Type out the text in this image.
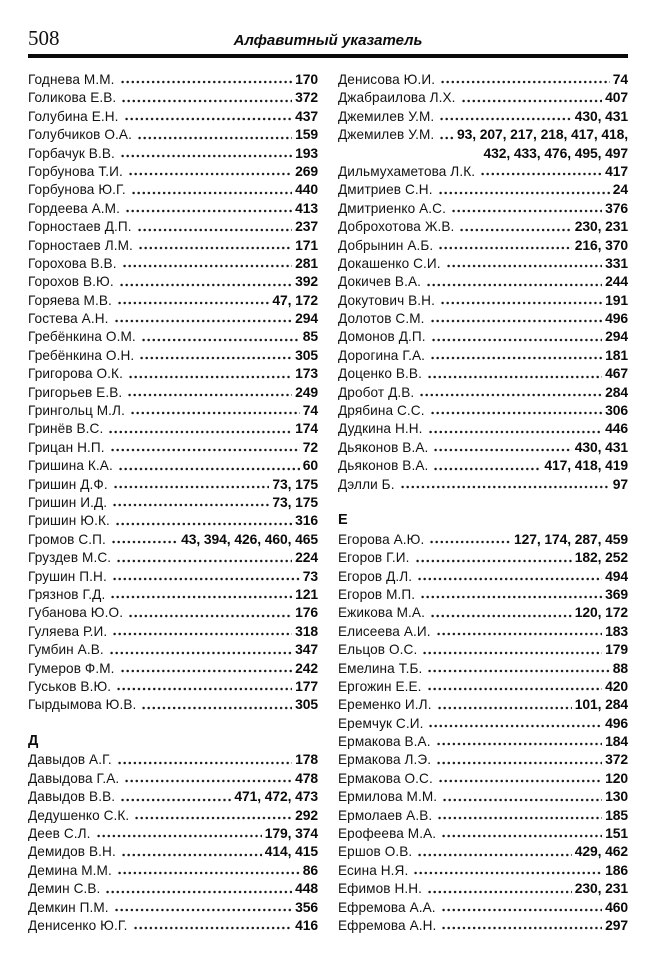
508	Алфавитный указатель
Годнева М.М.	170
Голикова Е.В.	372
Голубина Е.Н.	437
Голубчиков О.А.	159
Горбачук В.В.	193
Горбунова Т.И.	269
Горбунова Ю.Г.	440
Гордеева А.М.	413
Горностаев Д.П.	237
Горностаев Л.М.	171
Горохова В.В.	281
Горохов В.Ю.	392
Горяева М.В.	47, 172
Гостева А.Н.	294
Гребёнкина О.М.	85
Гребёнкина О.Н.	305
Григорова О.К.	173
Григорьев Е.В.	249
Грингольц М.Л.	74
Гринёв В.С.	174
Грицан Н.П.	72
Гришина К.А.	60
Гришин Д.Ф.	73, 175
Гришин И.Д.	73, 175
Гришин Ю.К.	316
Громов С.П.	43, 394, 426, 460, 465
Груздев М.С.	224
Грушин П.Н.	73
Грязнов Г.Д.	121
Губанова Ю.О.	176
Гуляева Р.И.	318
Гумбин А.В.	347
Гумеров Ф.М.	242
Гуськов В.Ю.	177
Гырдымова Ю.В.	305
Д
Давыдов А.Г.	178
Давыдова Г.А.	478
Давыдов В.В.	471, 472, 473
Дедушенко С.К.	292
Деев С.Л.	179, 374
Демидов В.Н.	414, 415
Демина М.М.	86
Демин С.В.	448
Демкин П.М.	356
Денисенко Ю.Г.	416
Денисова Ю.И.	74
Джабраилова Л.Х.	407
Джемилев У.М.	430, 431
Джемилев У.М. 93, 207, 217, 218, 417, 418,
432, 433, 476, 495, 497
Дильмухаметова Л.К.	417
Дмитриев С.Н.	24
Дмитриенко А.С.	376
Доброхотова Ж.В.	230, 231
Добрынин А.Б.	216, 370
Докашенко С.И.	331
Докичев В.А.	244
Докутович В.Н.	191
Долотов С.М.	496
Домонов Д.П.	294
Дорогина Г.А.	181
Доценко В.В.	467
Дробот Д.В.	284
Дрябина С.С.	306
Дудкина Н.Н.	446
Дьяконов В.А.	430, 431
Дьяконов В.А.	417, 418, 419
Дэлли Б.	97
Е
Егорова А.Ю.	127, 174, 287, 459
Егоров Г.И.	182, 252
Егоров Д.Л.	494
Егоров М.П.	369
Ежикова М.А.	120, 172
Елисеева А.И.	183
Ельцов О.С.	179
Емелина Т.Б.	88
Ергожин Е.Е.	420
Еременко И.Л.	101, 284
Еремчук С.И.	496
Ермакова В.А.	184
Ермакова Л.Э.	372
Ермакова О.С.	120
Ермилова М.М.	130
Ермолаев А.В.	185
Ерофеева М.А.	151
Ершов О.В.	429, 462
Есина Н.Я.	186
Ефимов Н.Н.	230, 231
Ефремова А.А.	460
Ефремова А.Н.	297
